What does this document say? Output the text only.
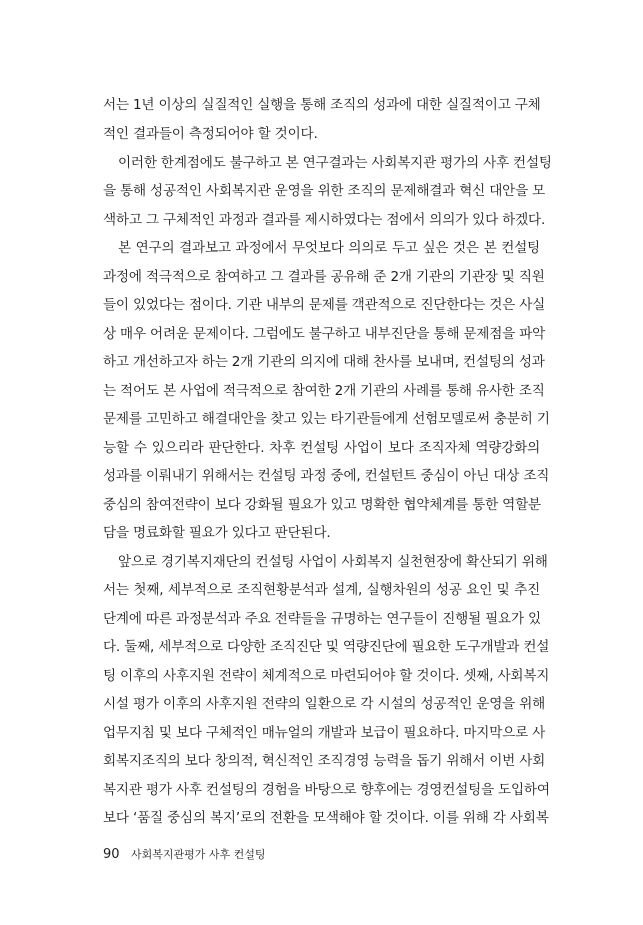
서는 1년 이상의 실질적인 실행을 통해 조직의 성과에 대한 실질적이고 구체
적인 결과들이 측정되어야 할 것이다.
이러한 한계점에도 불구하고 본 연구결과는 사회복지관 평가의 사후 컨설팅
을 통해 성공적인 사회복지관 운영을 위한 조직의 문제해결과 혁신 대안을 모
색하고 그 구체적인 과정과 결과를 제시하였다는 점에서 의의가 있다 하겠다.
본 연구의 결과보고 과정에서 무엇보다 의의로 두고 싶은 것은 본 컨설팅
과정에 적극적으로 참여하고 그 결과를 공유해 준 2개 기관의 기관장 및 직원
들이 있었다는 점이다. 기관 내부의 문제를 객관적으로 진단한다는 것은 사실
상 매우 어려운 문제이다. 그럼에도 불구하고 내부진단을 통해 문제점을 파악
하고 개선하고자 하는 2개 기관의 의지에 대해 찬사를 보내며, 컨설팅의 성과
는 적어도 본 사업에 적극적으로 참여한 2개 기관의 사례를 통해 유사한 조직
문제를 고민하고 해결대안을 찾고 있는 타기관들에게 선험모델로써 충분히 기
능할 수 있으리라 판단한다. 차후 컨설팅 사업이 보다 조직자체 역량강화의
성과를 이뤄내기 위해서는 컨설팅 과정 중에, 컨설턴트 중심이 아닌 대상 조직
중심의 참여전략이 보다 강화될 필요가 있고 명확한 협약체계를 통한 역할분
담을 명료화할 필요가 있다고 판단된다.
앞으로 경기복지재단의 컨설팅 사업이 사회복지 실천현장에 확산되기 위해
서는 첫째, 세부적으로 조직현황분석과 설계, 실행차원의 성공 요인 및 추진
단계에 따른 과정분석과 주요 전략들을 규명하는 연구들이 진행될 필요가 있
다. 둘째, 세부적으로 다양한 조직진단 및 역량진단에 필요한 도구개발과 컨설
팅 이후의 사후지원 전략이 체계적으로 마련되어야 할 것이다. 셋째, 사회복지
시설 평가 이후의 사후지원 전략의 일환으로 각 시설의 성공적인 운영을 위해
업무지침 및 보다 구체적인 매뉴얼의 개발과 보급이 필요하다. 마지막으로 사
회복지조직의 보다 창의적, 혁신적인 조직경영 능력을 돕기 위해서 이번 사회
복지관 평가 사후 컨설팅의 경험을 바탕으로 향후에는 경영컨설팅을 도입하여
보다 ‘품질 중심의 복지’로의 전환을 모색해야 할 것이다. 이를 위해 각 사회복
90 사회복지관평가 사후 컨설팅
